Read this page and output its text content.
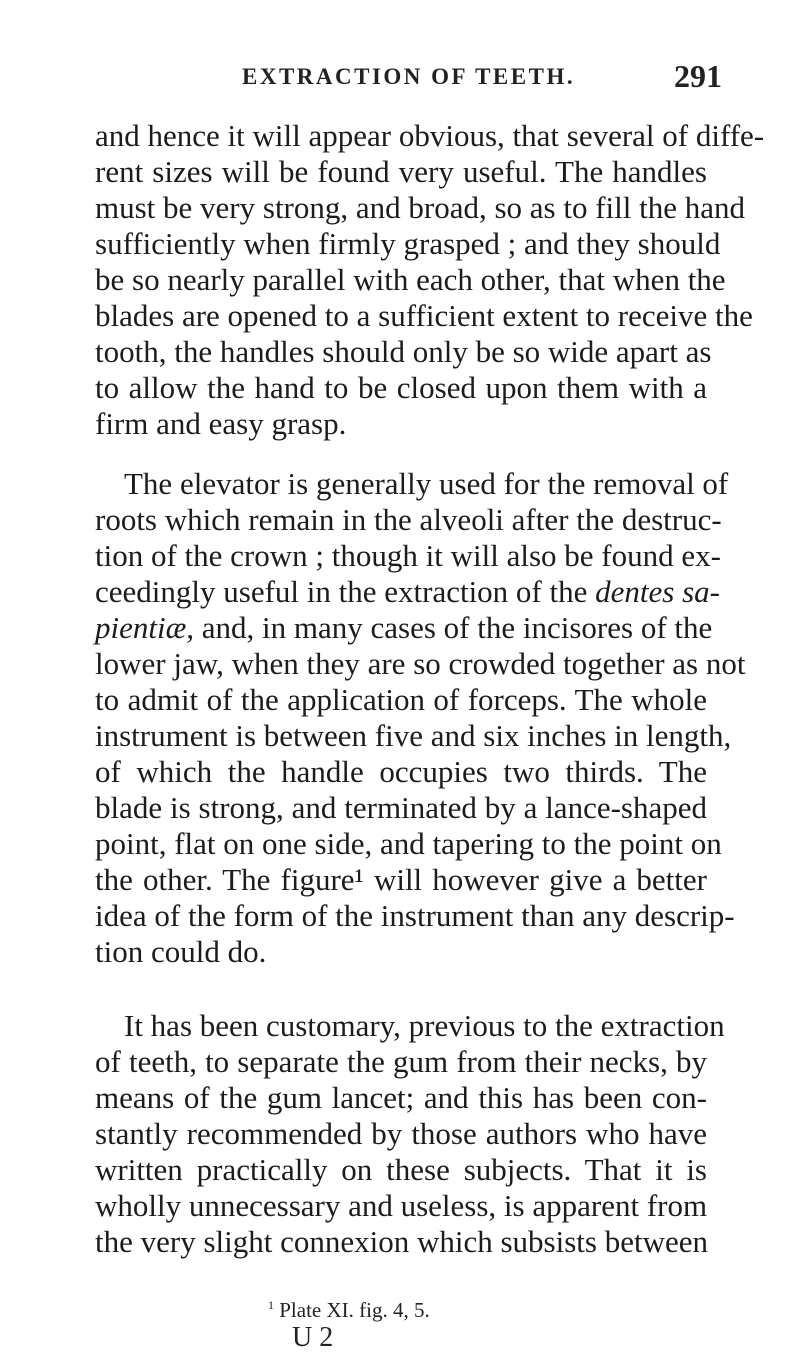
EXTRACTION OF TEETH.	291
and hence it will appear obvious, that several of diffe-
rent sizes will be found very useful. The handles
must be very strong, and broad, so as to fill the hand
sufficiently when firmly grasped ; and they should
be so nearly parallel with each other, that when the
blades are opened to a sufficient extent to receive the
tooth, the handles should only be so wide apart as
to allow the hand to be closed upon them with a
firm and easy grasp.
The elevator is generally used for the removal of
roots which remain in the alveoli after the destruc-
tion of the crown ; though it will also be found ex-
ceedingly useful in the extraction of the dentes sa-
pientiæ, and, in many cases of the incisores of the
lower jaw, when they are so crowded together as not
to admit of the application of forceps. The whole
instrument is between five and six inches in length,
of which the handle occupies two thirds. The
blade is strong, and terminated by a lance-shaped
point, flat on one side, and tapering to the point on
the other. The figure¹ will however give a better
idea of the form of the instrument than any descrip-
tion could do.
It has been customary, previous to the extraction
of teeth, to separate the gum from their necks, by
means of the gum lancet; and this has been con-
stantly recommended by those authors who have
written practically on these subjects. That it is
wholly unnecessary and useless, is apparent from
the very slight connexion which subsists between
$^1$ Plate XI. fig. 4, 5.
U 2
